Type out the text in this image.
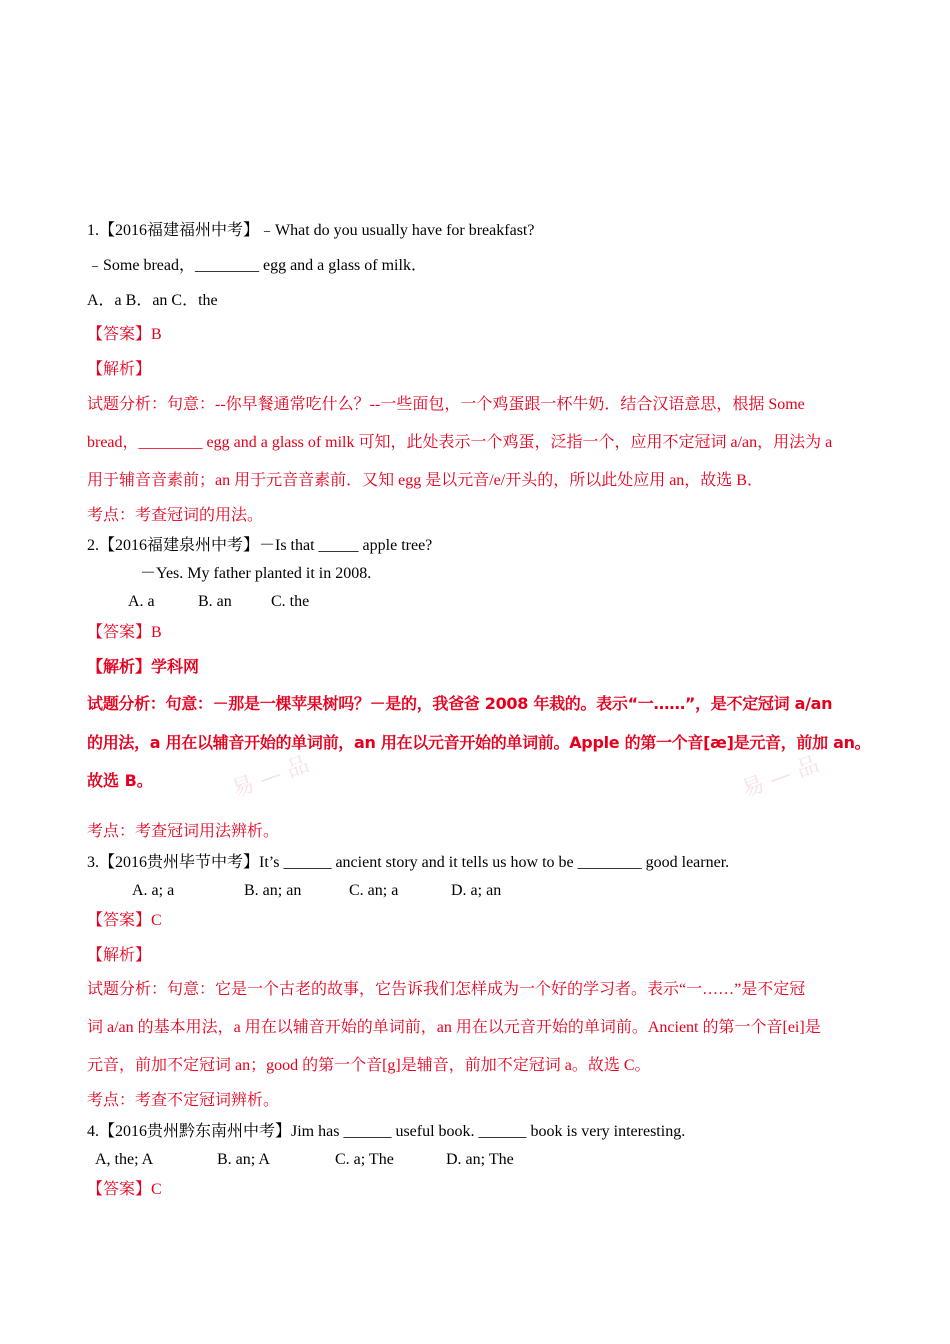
1.【2016福建福州中考】﹣What do you usually have for breakfast?
﹣Some bread，________ egg and a glass of milk．
A．a B．an C．the
【答案】B
【解析】
试题分析：句意：--你早餐通常吃什么？--一些面包，一个鸡蛋跟一杯牛奶．结合汉语意思，根据 Some
bread，________ egg and a glass of milk 可知，此处表示一个鸡蛋，泛指一个，应用不定冠词 a/an，用法为 a
用于辅音音素前；an 用于元音音素前．又知 egg 是以元音/e/开头的，所以此处应用 an，故选 B．
考点：考查冠词的用法。
2.【2016福建泉州中考】－Is that _____ apple tree?
－Yes. My father planted it in 2008.
A. a	B. an C. the
【答案】B
【解析】学科网
易 — 品	易 — 品
试题分析：句意：－那是一棵苹果树吗？－是的，我爸爸 2008 年栽的。表示“一……”，是不定冠词 a/an
的用法，a 用在以辅音开始的单词前，an 用在以元音开始的单词前。Apple 的第一个音[æ]是元音，前加 an。
故选 B。
考点：考查冠词用法辨析。
3.【2016贵州毕节中考】It’s ______ ancient story and it tells us how to be ________ good learner.
A. a; a	B. an; an	C. an; a	D. a; an
【答案】C
【解析】
试题分析：句意：它是一个古老的故事，它告诉我们怎样成为一个好的学习者。表示“一……”是不定冠
词 a/an 的基本用法，a 用在以辅音开始的单词前，an 用在以元音开始的单词前。Ancient 的第一个音[ei]是
元音，前加不定冠词 an；good 的第一个音[g]是辅音，前加不定冠词 a。故选 C。
考点：考查不定冠词辨析。
4.【2016贵州黔东南州中考】Jim has ______ useful book. ______ book is very interesting.
A, the; A	B. an; A	C. a; The	D. an; The
【答案】C
